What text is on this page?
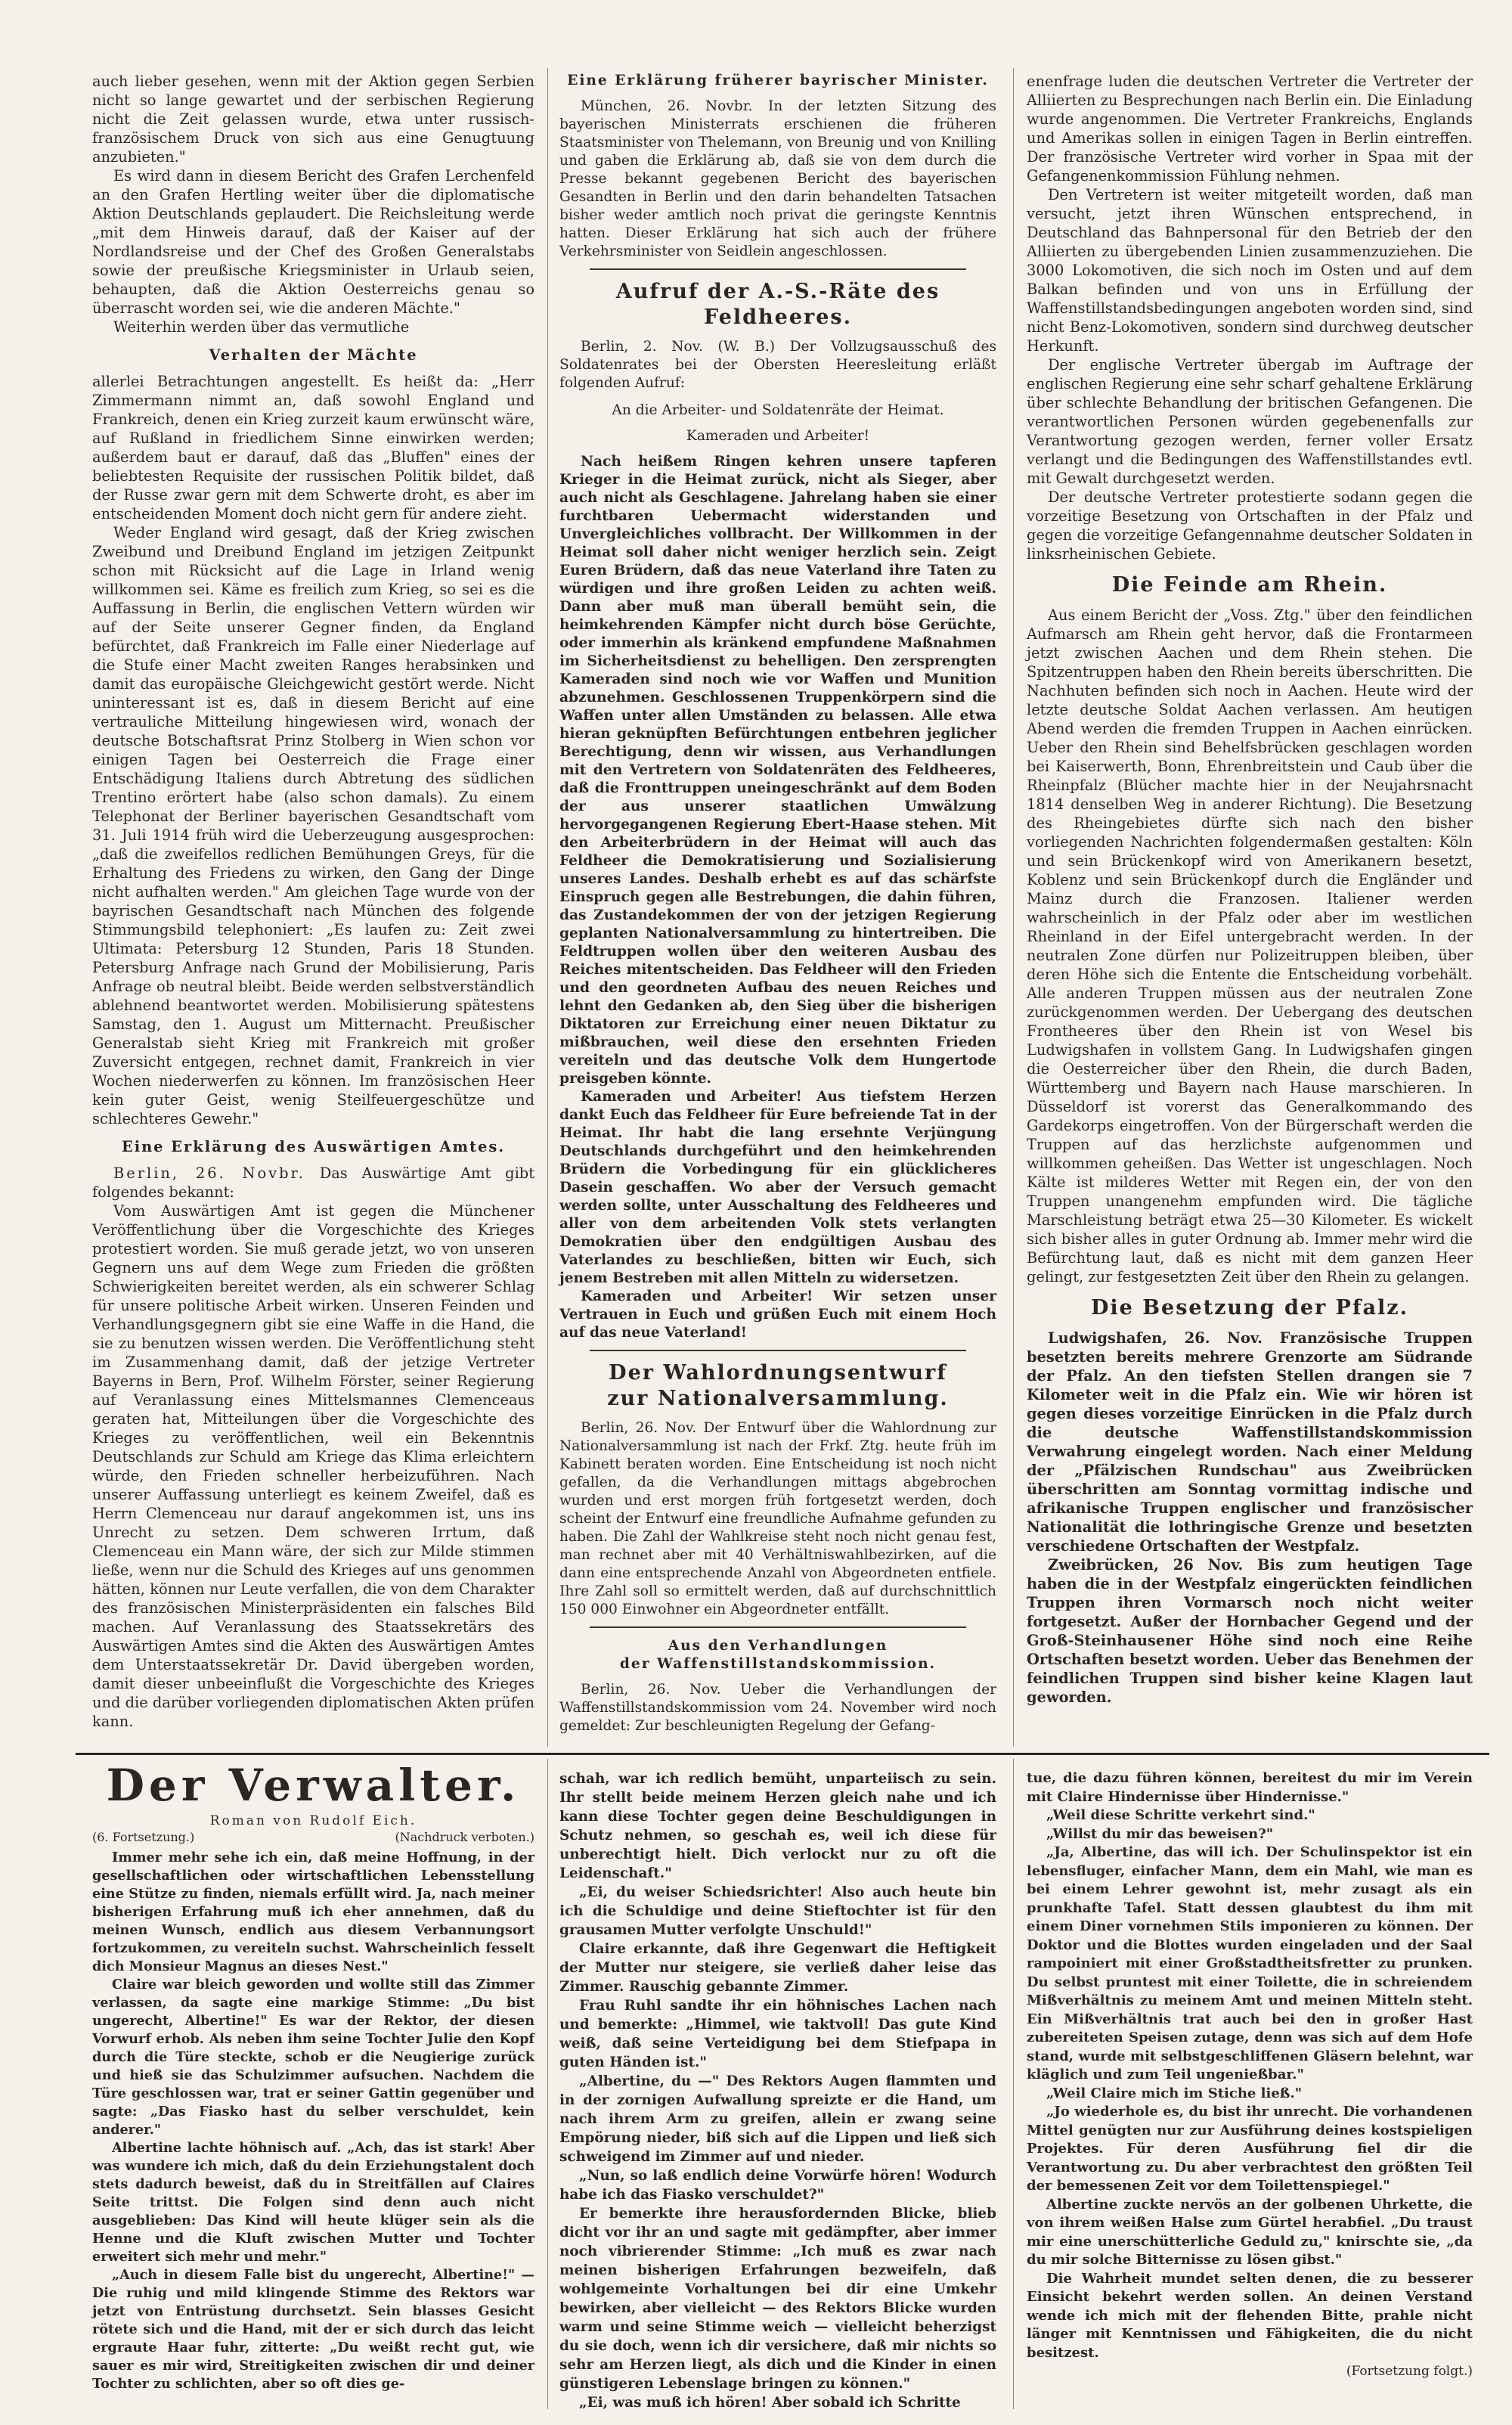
auch lieber gesehen, wenn mit der Aktion gegen Serbien nicht so lange gewartet und der serbischen Regierung nicht die Zeit gelassen wurde, etwa unter russisch-französischem Druck von sich aus eine Genugtuung anzubieten."

Es wird dann in diesem Bericht des Grafen Lerchenfeld an den Grafen Hertling weiter über die diplomatische Aktion Deutschlands geplaudert. Die Reichsleitung werde „mit dem Hinweis darauf, daß der Kaiser auf der Nordlandsreise und der Chef des Großen Generalstabs sowie der preußische Kriegsminister in Urlaub seien, behaupten, daß die Aktion Oesterreichs genau so überrascht worden sei, wie die anderen Mächte."

Weiterhin werden über das vermutliche

Verhalten der Mächte

allerlei Betrachtungen angestellt. Es heißt da: „Herr Zimmermann nimmt an, daß sowohl England und Frankreich, denen ein Krieg zurzeit kaum erwünscht wäre, auf Rußland in friedlichem Sinne einwirken werden; außerdem baut er darauf, daß das „Bluffen" eines der beliebtesten Requisite der russischen Politik bildet, daß der Russe zwar gern mit dem Schwerte droht, es aber im entscheidenden Moment doch nicht gern für andere zieht.

Weder England wird gesagt, daß der Krieg zwischen Zweibund und Dreibund England im jetzigen Zeitpunkt schon mit Rücksicht auf die Lage in Irland wenig willkommen sei. Käme es freilich zum Krieg, so sei es die Auffassung in Berlin, die englischen Vettern würden wir auf der Seite unserer Gegner finden, da England befürchtet, daß Frankreich im Falle einer Niederlage auf die Stufe einer Macht zweiten Ranges herabsinken und damit das europäische Gleichgewicht gestört werde. Nicht uninteressant ist es, daß in diesem Bericht auf eine vertrauliche Mitteilung hingewiesen wird, wonach der deutsche Botschaftsrat Prinz Stolberg in Wien schon vor einigen Tagen bei Oesterreich die Frage einer Entschädigung Italiens durch Abtretung des südlichen Trentino erörtert habe (also schon damals). Zu einem Telephonat der Berliner bayerischen Gesandtschaft vom 31. Juli 1914 früh wird die Ueberzeugung ausgesprochen: „daß die zweifellos redlichen Bemühungen Greys, für die Erhaltung des Friedens zu wirken, den Gang der Dinge nicht aufhalten werden." Am gleichen Tage wurde von der bayrischen Gesandtschaft nach München des folgende Stimmungsbild telephoniert: „Es laufen zu: Zeit zwei Ultimata: Petersburg 12 Stunden, Paris 18 Stunden. Petersburg Anfrage nach Grund der Mobilisierung, Paris Anfrage ob neutral bleibt. Beide werden selbstverständlich ablehnend beantwortet werden. Mobilisierung spätestens Samstag, den 1. August um Mitternacht. Preußischer Generalstab sieht Krieg mit Frankreich mit großer Zuversicht entgegen, rechnet damit, Frankreich in vier Wochen niederwerfen zu können. Im französischen Heer kein guter Geist, wenig Steilfeuergeschütze und schlechteres Gewehr."

Eine Erklärung des Auswärtigen Amtes.

Berlin, 26. Novbr. Das Auswärtige Amt gibt folgendes bekannt:

Vom Auswärtigen Amt ist gegen die Münchener Veröffentlichung über die Vorgeschichte des Krieges protestiert worden. Sie muß gerade jetzt, wo von unseren Gegnern uns auf dem Wege zum Frieden die größten Schwierigkeiten bereitet werden, als ein schwerer Schlag für unsere politische Arbeit wirken. Unseren Feinden und Verhandlungsgegnern gibt sie eine Waffe in die Hand, die sie zu benutzen wissen werden. Die Veröffentlichung steht im Zusammenhang damit, daß der jetzige Vertreter Bayerns in Bern, Prof. Wilhelm Förster, seiner Regierung auf Veranlassung eines Mittelsmannes Clemenceaus geraten hat, Mitteilungen über die Vorgeschichte des Krieges zu veröffentlichen, weil ein Bekenntnis Deutschlands zur Schuld am Kriege das Klima erleichtern würde, den Frieden schneller herbeizuführen. Nach unserer Auffassung unterliegt es keinem Zweifel, daß es Herrn Clemenceau nur darauf angekommen ist, uns ins Unrecht zu setzen. Dem schweren Irrtum, daß Clemenceau ein Mann wäre, der sich zur Milde stimmen ließe, wenn nur die Schuld des Krieges auf uns genommen hätten, können nur Leute verfallen, die von dem Charakter des französischen Ministerpräsidenten ein falsches Bild machen. Auf Veranlassung des Staatssekretärs des Auswärtigen Amtes sind die Akten des Auswärtigen Amtes dem Unterstaatssekretär Dr. David übergeben worden, damit dieser unbeeinflußt die Vorgeschichte des Krieges und die darüber vorliegenden diplomatischen Akten prüfen kann.

Eine Erklärung früherer bayrischer Minister.

München, 26. Novbr. In der letzten Sitzung des bayerischen Ministerrats erschienen die früheren Staatsminister von Thelemann, von Breunig und von Knilling und gaben die Erklärung ab, daß sie von dem durch die Presse bekannt gegebenen Bericht des bayerischen Gesandten in Berlin und den darin behandelten Tatsachen bisher weder amtlich noch privat die geringste Kenntnis hatten. Dieser Erklärung hat sich auch der frühere Verkehrsminister von Seidlein angeschlossen.

Aufruf der A.-S.-Räte des Feldheeres.

Berlin, 2. Nov. (W. B.) Der Vollzugsausschuß des Soldatenrates bei der Obersten Heeresleitung erläßt folgenden Aufruf:

An die Arbeiter- und Soldatenräte der Heimat.
Kameraden und Arbeiter!

Nach heißem Ringen kehren unsere tapferen Krieger in die Heimat zurück, nicht als Sieger, aber auch nicht als Geschlagene. Jahrelang haben sie einer furchtbaren Uebermacht widerstanden und Unvergleichliches vollbracht. Der Willkommen in der Heimat soll daher nicht weniger herzlich sein. Zeigt Euren Brüdern, daß das neue Vaterland ihre Taten zu würdigen und ihre großen Leiden zu achten weiß. Dann aber muß man überall bemüht sein, die heimkehrenden Kämpfer nicht durch böse Gerüchte, oder immerhin als kränkend empfundene Maßnahmen im Sicherheitsdienst zu behelligen. Den zersprengten Kameraden sind noch wie vor Waffen und Munition abzunehmen. Geschlossenen Truppenkörpern sind die Waffen unter allen Umständen zu belassen. Alle etwa hieran geknüpften Befürchtungen entbehren jeglicher Berechtigung, denn wir wissen, aus Verhandlungen mit den Vertretern von Soldatenräten des Feldheeres, daß die Fronttruppen uneingeschränkt auf dem Boden der aus unserer staatlichen Umwälzung hervorgegangenen Regierung Ebert-Haase stehen. Mit den Arbeiterbrüdern in der Heimat will auch das Feldheer die Demokratisierung und Sozialisierung unseres Landes. Deshalb erhebt es auf das schärfste Einspruch gegen alle Bestrebungen, die dahin führen, das Zustandekommen der von der jetzigen Regierung geplanten Nationalversammlung zu hintertreiben. Die Feldtruppen wollen über den weiteren Ausbau des Reiches mitentscheiden. Das Feldheer will den Frieden und den geordneten Aufbau des neuen Reiches und lehnt den Gedanken ab, den Sieg über die bisherigen Diktatoren zur Erreichung einer neuen Diktatur zu mißbrauchen, weil diese den ersehnten Frieden vereiteln und das deutsche Volk dem Hungertode preisgeben könnte.

Kameraden und Arbeiter! Aus tiefstem Herzen dankt Euch das Feldheer für Eure befreiende Tat in der Heimat. Ihr habt die lang ersehnte Verjüngung Deutschlands durchgeführt und den heimkehrenden Brüdern die Vorbedingung für ein glücklicheres Dasein geschaffen. Wo aber der Versuch gemacht werden sollte, unter Ausschaltung des Feldheeres und aller von dem arbeitenden Volk stets verlangten Demokratien über den endgültigen Ausbau des Vaterlandes zu beschließen, bitten wir Euch, sich jenem Bestreben mit allen Mitteln zu widersetzen.

Kameraden und Arbeiter! Wir setzen unser Vertrauen in Euch und grüßen Euch mit einem Hoch auf das neue Vaterland!

Der Wahlordnungsentwurf
zur Nationalversammlung.

Berlin, 26. Nov. Der Entwurf über die Wahlordnung zur Nationalversammlung ist nach der Frkf. Ztg. heute früh im Kabinett beraten worden. Eine Entscheidung ist noch nicht gefallen, da die Verhandlungen mittags abgebrochen wurden und erst morgen früh fortgesetzt werden, doch scheint der Entwurf eine freundliche Aufnahme gefunden zu haben. Die Zahl der Wahlkreise steht noch nicht genau fest, man rechnet aber mit 40 Verhältniswahlbezirken, auf die dann eine entsprechende Anzahl von Abgeordneten entfiele. Ihre Zahl soll so ermittelt werden, daß auf durchschnittlich 150 000 Einwohner ein Abgeordneter entfällt.

Aus den Verhandlungen
der Waffenstillstandskommission.

Berlin, 26. Nov. Ueber die Verhandlungen der Waffenstillstandskommission vom 24. November wird noch gemeldet: Zur beschleunigten Regelung der Gefang-

enenfrage luden die deutschen Vertreter die Vertreter der Alliierten zu Besprechungen nach Berlin ein. Die Einladung wurde angenommen. Die Vertreter Frankreichs, Englands und Amerikas sollen in einigen Tagen in Berlin eintreffen. Der französische Vertreter wird vorher in Spaa mit der Gefangenenkommission Fühlung nehmen.

Den Vertretern ist weiter mitgeteilt worden, daß man versucht, jetzt ihren Wünschen entsprechend, in Deutschland das Bahnpersonal für den Betrieb der den Alliierten zu übergebenden Linien zusammenzuziehen. Die 3000 Lokomotiven, die sich noch im Osten und auf dem Balkan befinden und von uns in Erfüllung der Waffenstillstandsbedingungen angeboten worden sind, sind nicht Benz-Lokomotiven, sondern sind durchweg deutscher Herkunft.

Der englische Vertreter übergab im Auftrage der englischen Regierung eine sehr scharf gehaltene Erklärung über schlechte Behandlung der britischen Gefangenen. Die verantwortlichen Personen würden gegebenenfalls zur Verantwortung gezogen werden, ferner voller Ersatz verlangt und die Bedingungen des Waffenstillstandes evtl. mit Gewalt durchgesetzt werden.

Der deutsche Vertreter protestierte sodann gegen die vorzeitige Besetzung von Ortschaften in der Pfalz und gegen die vorzeitige Gefangennahme deutscher Soldaten in linksrheinischen Gebiete.

Die Feinde am Rhein.

Aus einem Bericht der „Voss. Ztg." über den feindlichen Aufmarsch am Rhein geht hervor, daß die Frontarmeen jetzt zwischen Aachen und dem Rhein stehen. Die Spitzentruppen haben den Rhein bereits überschritten. Die Nachhuten befinden sich noch in Aachen. Heute wird der letzte deutsche Soldat Aachen verlassen. Am heutigen Abend werden die fremden Truppen in Aachen einrücken. Ueber den Rhein sind Behelfsbrücken geschlagen worden bei Kaiserwerth, Bonn, Ehrenbreitstein und Caub über die Rheinpfalz (Blücher machte hier in der Neujahrsnacht 1814 denselben Weg in anderer Richtung). Die Besetzung des Rheingebietes dürfte sich nach den bisher vorliegenden Nachrichten folgendermaßen gestalten: Köln und sein Brückenkopf wird von Amerikanern besetzt, Koblenz und sein Brückenkopf durch die Engländer und Mainz durch die Franzosen. Italiener werden wahrscheinlich in der Pfalz oder aber im westlichen Rheinland in der Eifel untergebracht werden. In der neutralen Zone dürfen nur Polizeitruppen bleiben, über deren Höhe sich die Entente die Entscheidung vorbehält. Alle anderen Truppen müssen aus der neutralen Zone zurückgenommen werden. Der Uebergang des deutschen Frontheeres über den Rhein ist von Wesel bis Ludwigshafen in vollstem Gang. In Ludwigshafen gingen die Oesterreicher über den Rhein, die durch Baden, Württemberg und Bayern nach Hause marschieren. In Düsseldorf ist vorerst das Generalkommando des Gardekorps eingetroffen. Von der Bürgerschaft werden die Truppen auf das herzlichste aufgenommen und willkommen geheißen. Das Wetter ist ungeschlagen. Noch Kälte ist milderes Wetter mit Regen ein, der von den Truppen unangenehm empfunden wird. Die tägliche Marschleistung beträgt etwa 25—30 Kilometer. Es wickelt sich bisher alles in guter Ordnung ab. Immer mehr wird die Befürchtung laut, daß es nicht mit dem ganzen Heer gelingt, zur festgesetzten Zeit über den Rhein zu gelangen.

Die Besetzung der Pfalz.

Ludwigshafen, 26. Nov. Französische Truppen besetzten bereits mehrere Grenzorte am Südrande der Pfalz. An den tiefsten Stellen drangen sie 7 Kilometer weit in die Pfalz ein. Wie wir hören ist gegen dieses vorzeitige Einrücken in die Pfalz durch die deutsche Waffenstillstandskommission Verwahrung eingelegt worden. Nach einer Meldung der „Pfälzischen Rundschau" aus Zweibrücken überschritten am Sonntag vormittag indische und afrikanische Truppen englischer und französischer Nationalität die lothringische Grenze und besetzten verschiedene Ortschaften der Westpfalz.

Zweibrücken, 26 Nov. Bis zum heutigen Tage haben die in der Westpfalz eingerückten feindlichen Truppen ihren Vormarsch noch nicht weiter fortgesetzt. Außer der Hornbacher Gegend und der Groß-Steinhausener Höhe sind noch eine Reihe Ortschaften besetzt worden. Ueber das Benehmen der feindlichen Truppen sind bisher keine Klagen laut geworden.

Der Verwalter.
Roman von Rudolf Eich.
(6. Fortsetzung.)	(Nachdruck verboten.)

Immer mehr sehe ich ein, daß meine Hoffnung, in der gesellschaftlichen oder wirtschaftlichen Lebensstellung eine Stütze zu finden, niemals erfüllt wird. Ja, nach meiner bisherigen Erfahrung muß ich eher annehmen, daß du meinen Wunsch, endlich aus diesem Verbannungsort fortzukommen, zu vereiteln suchst. Wahrscheinlich fesselt dich Monsieur Magnus an dieses Nest."

Claire war bleich geworden und wollte still das Zimmer verlassen, da sagte eine markige Stimme: „Du bist ungerecht, Albertine!" Es war der Rektor, der diesen Vorwurf erhob. Als neben ihm seine Tochter Julie den Kopf durch die Türe steckte, schob er die Neugierige zurück und hieß sie das Schulzimmer aufsuchen. Nachdem die Türe geschlossen war, trat er seiner Gattin gegenüber und sagte: „Das Fiasko hast du selber verschuldet, kein anderer."

Albertine lachte höhnisch auf. „Ach, das ist stark! Aber was wundere ich mich, daß du dein Erziehungstalent doch stets dadurch beweist, daß du in Streitfällen auf Claires Seite trittst. Die Folgen sind denn auch nicht ausgeblieben: Das Kind will heute klüger sein als die Henne und die Kluft zwischen Mutter und Tochter erweitert sich mehr und mehr."

„Auch in diesem Falle bist du ungerecht, Albertine!" — Die ruhig und mild klingende Stimme des Rektors war jetzt von Entrüstung durchsetzt. Sein blasses Gesicht rötete sich und die Hand, mit der er sich durch das leicht ergraute Haar fuhr, zitterte: „Du weißt recht gut, wie sauer es mir wird, Streitigkeiten zwischen dir und deiner Tochter zu schlichten, aber so oft dies ge-

schah, war ich redlich bemüht, unparteiisch zu sein. Ihr stellt beide meinem Herzen gleich nahe und ich kann diese Tochter gegen deine Beschuldigungen in Schutz nehmen, so geschah es, weil ich diese für unberechtigt hielt. Dich verlockt nur zu oft die Leidenschaft."

„Ei, du weiser Schiedsrichter! Also auch heute bin ich die Schuldige und deine Stieftochter ist für den grausamen Mutter verfolgte Unschuld!"

Claire erkannte, daß ihre Gegenwart die Heftigkeit der Mutter nur steigere, sie verließ daher leise das Zimmer. Rauschig gebannte Zimmer.

Frau Ruhl sandte ihr ein höhnisches Lachen nach und bemerkte: „Himmel, wie taktvoll! Das gute Kind weiß, daß seine Verteidigung bei dem Stiefpapa in guten Händen ist."

„Albertine, du —" Des Rektors Augen flammten und in der zornigen Aufwallung spreizte er die Hand, um nach ihrem Arm zu greifen, allein er zwang seine Empörung nieder, biß sich auf die Lippen und ließ sich schweigend im Zimmer auf und nieder.

„Nun, so laß endlich deine Vorwürfe hören! Wodurch habe ich das Fiasko verschuldet?"

Er bemerkte ihre herausfordernden Blicke, blieb dicht vor ihr an und sagte mit gedämpfter, aber immer noch vibrierender Stimme: „Ich muß es zwar nach meinen bisherigen Erfahrungen bezweifeln, daß wohlgemeinte Vorhaltungen bei dir eine Umkehr bewirken, aber vielleicht — des Rektors Blicke wurden warm und seine Stimme weich — vielleicht beherzigst du sie doch, wenn ich dir versichere, daß mir nichts so sehr am Herzen liegt, als dich und die Kinder in einen günstigeren Lebenslage bringen zu können."

„Ei, was muß ich hören! Aber sobald ich Schritte

tue, die dazu führen können, bereitest du mir im Verein mit Claire Hindernisse über Hindernisse."

„Weil diese Schritte verkehrt sind."

„Willst du mir das beweisen?"

„Ja, Albertine, das will ich. Der Schulinspektor ist ein lebensfluger, einfacher Mann, dem ein Mahl, wie man es bei einem Lehrer gewohnt ist, mehr zusagt als ein prunkhafte Tafel. Statt dessen glaubtest du ihm mit einem Diner vornehmen Stils imponieren zu können. Der Doktor und die Blottes wurden eingeladen und der Saal rampoiniert mit einer Großstadtheitsfretter zu prunken. Du selbst pruntest mit einer Toilette, die in schreiendem Mißverhältnis zu meinem Amt und meinen Mitteln steht. Ein Mißverhältnis trat auch bei den in großer Hast zubereiteten Speisen zutage, denn was sich auf dem Hofe stand, wurde mit selbstgeschliffenen Gläsern belehnt, war kläglich und zum Teil ungenießbar."

„Weil Claire mich im Stiche ließ."

„Jo wiederhole es, du bist ihr unrecht. Die vorhandenen Mittel genügten nur zur Ausführung deines kostspieligen Projektes. Für deren Ausführung fiel dir die Verantwortung zu. Du aber verbrachtest den größten Teil der bemessenen Zeit vor dem Toilettenspiegel."

Albertine zuckte nervös an der golbenen Uhrkette, die von ihrem weißen Halse zum Gürtel herabfiel. „Du traust mir eine unerschütterliche Geduld zu," knirschte sie, „da du mir solche Bitternisse zu lösen gibst."

Die Wahrheit mundet selten denen, die zu besserer Einsicht bekehrt werden sollen. An deinen Verstand wende ich mich mit der flehenden Bitte, prahle nicht länger mit Kenntnissen und Fähigkeiten, die du nicht besitzest.

(Fortsetzung folgt.)
